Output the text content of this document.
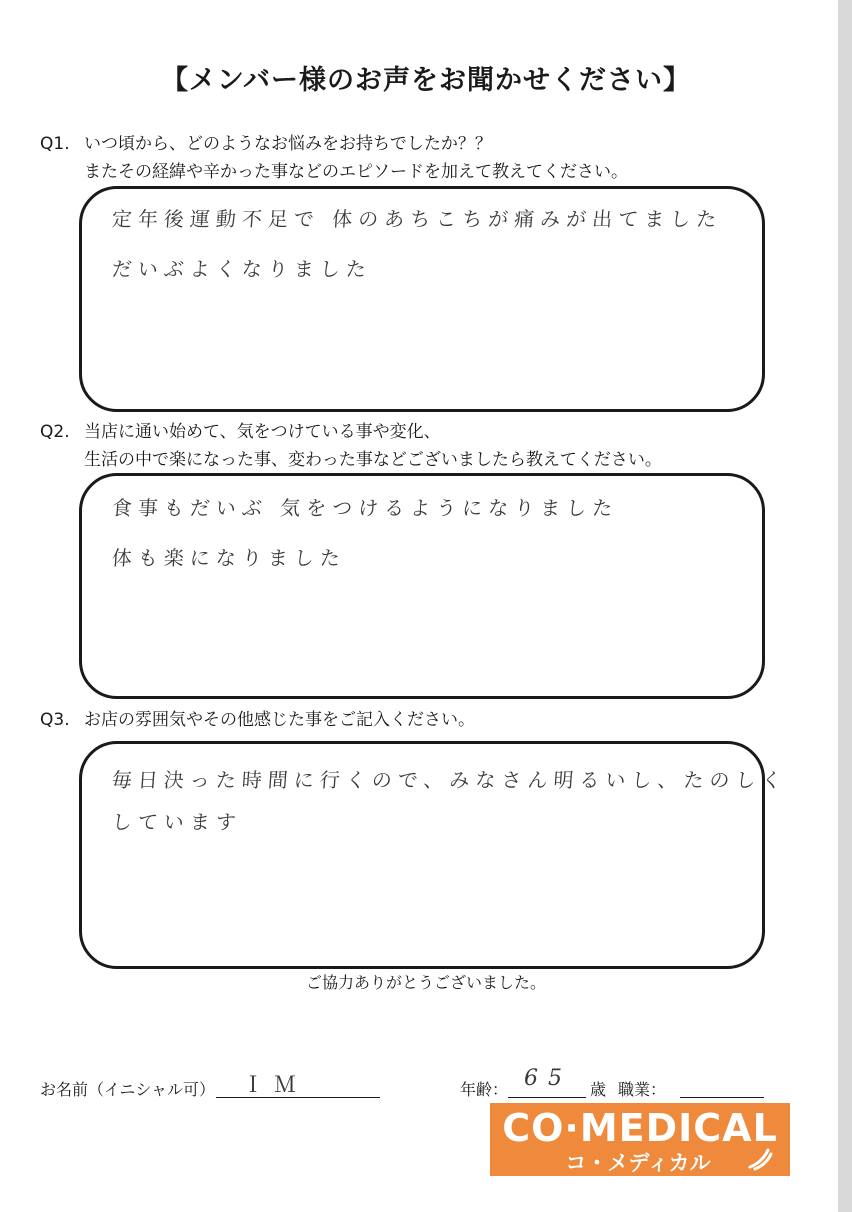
【メンバー様のお声をお聞かせください】
Q1. いつ頃から、どのようなお悩みをお持ちでしたか？？
またその経緯や辛かった事などのエピソードを加えて教えてください。
定年後運動不足で 体のあちこちが痛みが出てました
だいぶよくなりました
Q2. 当店に通い始めて、気をつけている事や変化、
生活の中で楽になった事、変わった事などございましたら教えてください。
食事もだいぶ 気をつけるようになりました
体も楽になりました
Q3. お店の雰囲気やその他感じた事をご記入ください。
毎日決った時間に行くので、みなさん明るいし、たのしく
しています
ご協力ありがとうございました。
お名前（イニシャル可） ＩＭ	年齢： 65 歳 職業：
CO·MEDICAL
コ・メディカル
